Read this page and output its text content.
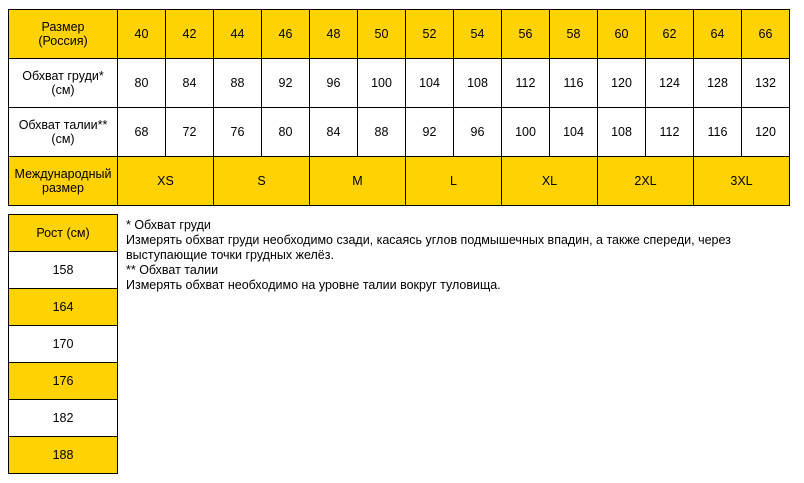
Размер
(Россия)	40	42	44	46	48	50	52	54	56	58	60	62	64	66
Обхват груди*
(см)	80	84	88	92	96	100	104	108	112	116	120	124	128	132
Обхват талии**
(см)	68	72	76	80	84	88	92	96	100	104	108	112	116	120
Международный
размер	XS		S		M		L		XL		2XL		3XL	
Рост (см)
158
164
170
176
182
188
* Обхват груди
Измерять обхват груди необходимо сзади, касаясь углов подмышечных впадин, а также спереди, через
выступающие точки грудных желёз.
** Обхват талии
Измерять обхват необходимо на уровне талии вокруг туловища.
